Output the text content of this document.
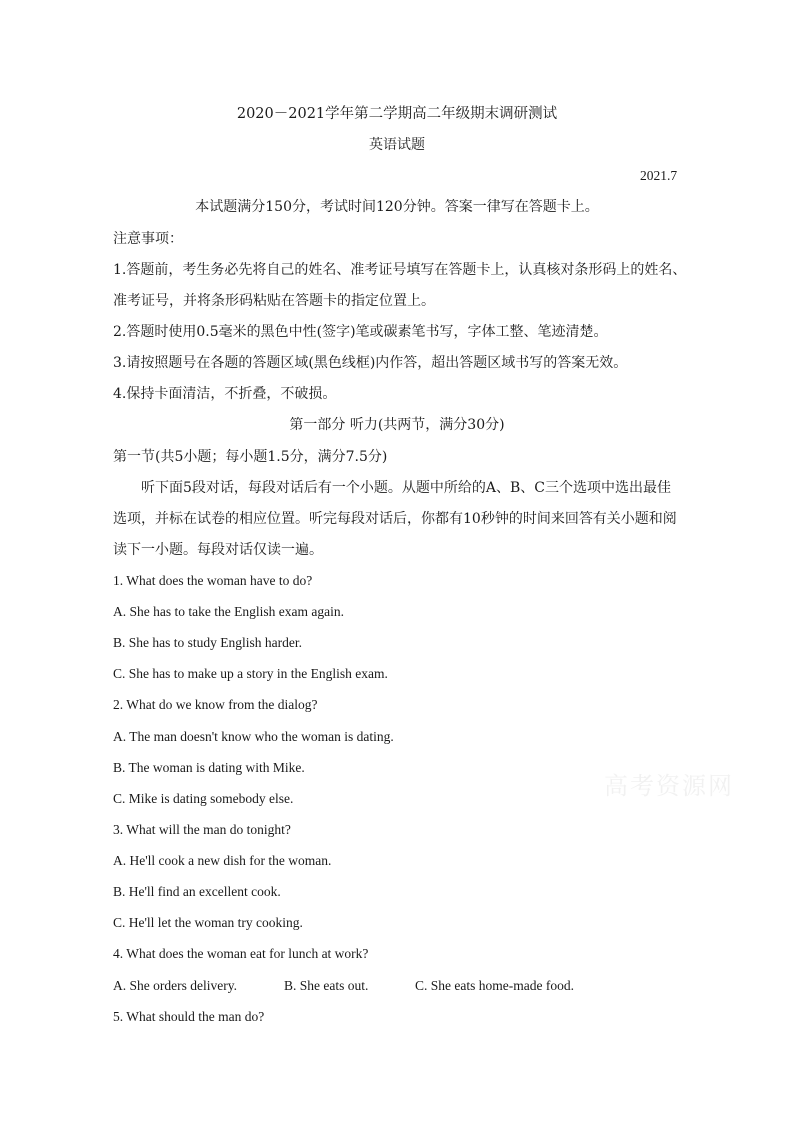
2020－2021学年第二学期高二年级期末调研测试
英语试题
2021.7
本试题满分150分，考试时间120分钟。答案一律写在答题卡上。
注意事项：
1.答题前，考生务必先将自己的姓名、准考证号填写在答题卡上，认真核对条形码上的姓名、
准考证号，并将条形码粘贴在答题卡的指定位置上。
2.答题时使用0.5毫米的黑色中性(签字)笔或碳素笔书写，字体工整、笔迹清楚。
3.请按照题号在各题的答题区域(黑色线框)内作答，超出答题区域书写的答案无效。
4.保持卡面清洁，不折叠，不破损。
第一部分 听力(共两节，满分30分)
第一节(共5小题；每小题1.5分，满分7.5分)
听下面5段对话，每段对话后有一个小题。从题中所给的A、B、C三个选项中选出最佳
选项，并标在试卷的相应位置。听完每段对话后，你都有10秒钟的时间来回答有关小题和阅
读下一小题。每段对话仅读一遍。
1. What does the woman have to do?
A. She has to take the English exam again.
B. She has to study English harder.
C. She has to make up a story in the English exam.
2. What do we know from the dialog?
A. The man doesn't know who the woman is dating.
B. The woman is dating with Mike.
C. Mike is dating somebody else.
3. What will the man do tonight?
A. He'll cook a new dish for the woman.
B. He'll find an excellent cook.
C. He'll let the woman try cooking.
4. What does the woman eat for lunch at work?
A. She orders delivery.	B. She eats out.	C. She eats home-made food.
5. What should the man do?
高考资源网
